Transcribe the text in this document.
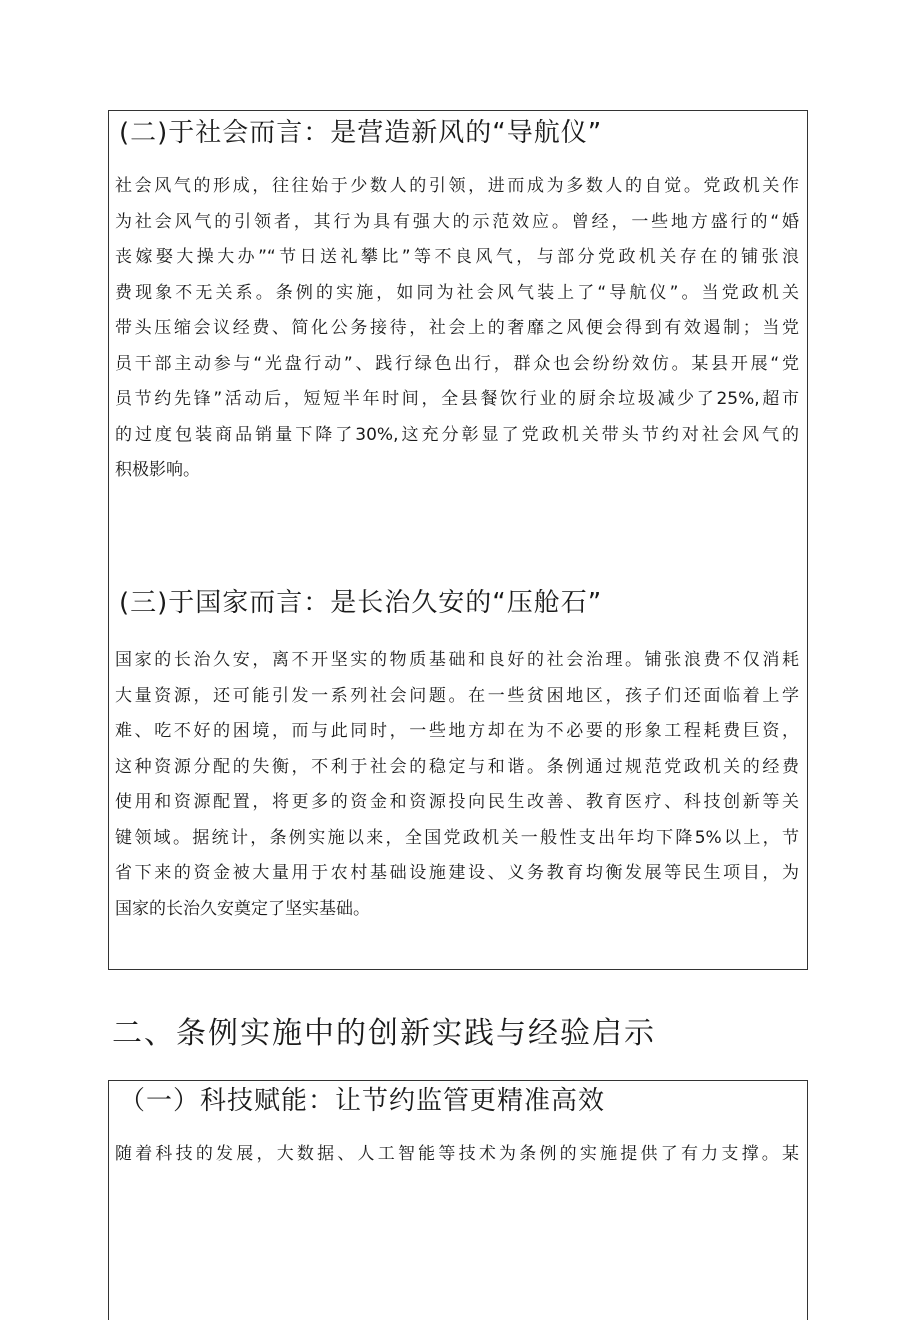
(二)于社会而言：是营造新风的“导航仪”
社会风气的形成，往往始于少数人的引领，进而成为多数人的自觉。党政机关作
为社会风气的引领者，其行为具有强大的示范效应。曾经，一些地方盛行的“婚
丧嫁娶大操大办”“节日送礼攀比”等不良风气，与部分党政机关存在的铺张浪
费现象不无关系。条例的实施，如同为社会风气装上了“导航仪”。当党政机关
带头压缩会议经费、简化公务接待，社会上的奢靡之风便会得到有效遏制；当党
员干部主动参与“光盘行动”、践行绿色出行，群众也会纷纷效仿。某县开展“党
员节约先锋”活动后，短短半年时间，全县餐饮行业的厨余垃圾减少了25%,超市
的过度包装商品销量下降了30%,这充分彰显了党政机关带头节约对社会风气的
积极影响。
(三)于国家而言：是长治久安的“压舱石”
国家的长治久安，离不开坚实的物质基础和良好的社会治理。铺张浪费不仅消耗
大量资源，还可能引发一系列社会问题。在一些贫困地区，孩子们还面临着上学
难、吃不好的困境，而与此同时，一些地方却在为不必要的形象工程耗费巨资，
这种资源分配的失衡，不利于社会的稳定与和谐。条例通过规范党政机关的经费
使用和资源配置，将更多的资金和资源投向民生改善、教育医疗、科技创新等关
键领域。据统计，条例实施以来，全国党政机关一般性支出年均下降5%以上，节
省下来的资金被大量用于农村基础设施建设、义务教育均衡发展等民生项目，为
国家的长治久安奠定了坚实基础。
二、条例实施中的创新实践与经验启示
（一）科技赋能：让节约监管更精准高效
随着科技的发展，大数据、人工智能等技术为条例的实施提供了有力支撑。某
